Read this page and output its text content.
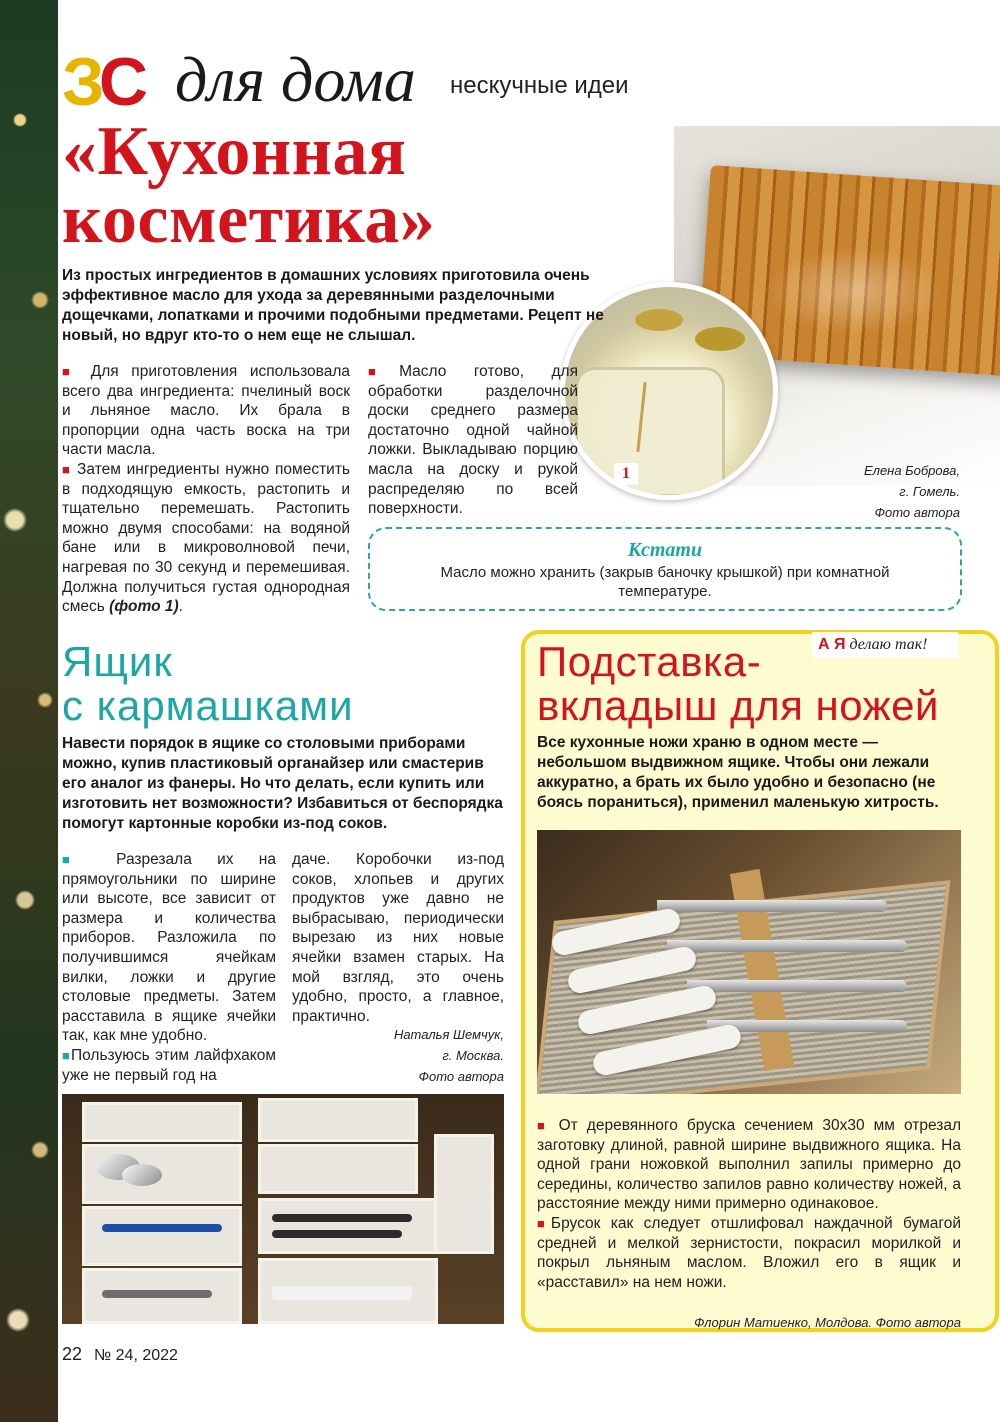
ЗС для дома нескучные идеи
«Кухонная
косметика»
1
Из простых ингредиентов в домашних условиях приготовила очень эффективное масло для ухода за деревянными разделочными дощечками, лопатками и прочими подобными предметами. Рецепт не новый, но вдруг кто-то о нем еще не слышал.

■ Для приготовления использовала всего два ингредиента: пчелиный воск и льняное масло. Их брала в пропорции одна часть воска на три части масла.

■ Затем ингредиенты нужно поместить в подходящую емкость, растопить и тщательно перемешать. Растопить можно двумя способами: на водяной бане или в микроволновой печи, нагревая по 30 секунд и перемешивая. Должна получиться густая однородная смесь (фото 1).

■Масло готово, для обработки разделочной доски среднего размера достаточно одной чайной ложки. Выкладываю порцию масла на доску и рукой распределяю по всей поверхности.

Елена Боброва,
г. Гомель.
Фото автора
Кстати
Масло можно хранить (закрыв баночку крышкой) при комнатной температуре.
Ящик
с кармашками
Навести порядок в ящике со столовыми приборами можно, купив пластиковый органайзер или смастерив его аналог из фанеры. Но что делать, если купить или изготовить нет возможности? Избавиться от беспорядка помогут картонные коробки из-под соков.

■ Разрезала их на прямоугольники по ширине или высоте, все зависит от размера и количества приборов. Разложила по получившимся ячейкам вилки, ложки и другие столовые предметы. Затем расставила в ящике ячейки так, как мне удобно.

■Пользуюсь этим лайфхаком уже не первый год на

даче. Коробочки из-под соков, хлопьев и других продуктов уже давно не выбрасываю, периодически вырезаю из них новые ячейки взамен старых. На мой взгляд, это очень удобно, просто, а главное, практично.

Наталья Шемчук,
г. Москва.
Фото автора
А Я делаю так!
Подставка-
вкладыш для ножей
Все кухонные ножи храню в одном месте — небольшом выдвижном ящике. Чтобы они лежали аккуратно, а брать их было удобно и безопасно (не боясь пораниться), применил маленькую хитрость.

■ От деревянного бруска сечением 30х30 мм отрезал заготовку длиной, равной ширине выдвижного ящика. На одной грани ножовкой выполнил запилы примерно до середины, количество запилов равно количеству ножей, а расстояние между ними примерно одинаковое.

■Брусок как следует отшлифовал наждачной бумагой средней и мелкой зернистости, покрасил морилкой и покрыл льняным маслом. Вложил его в ящик и «расставил» на нем ножи.

Флорин Матиенко, Молдова. Фото автора
22 № 24, 2022
